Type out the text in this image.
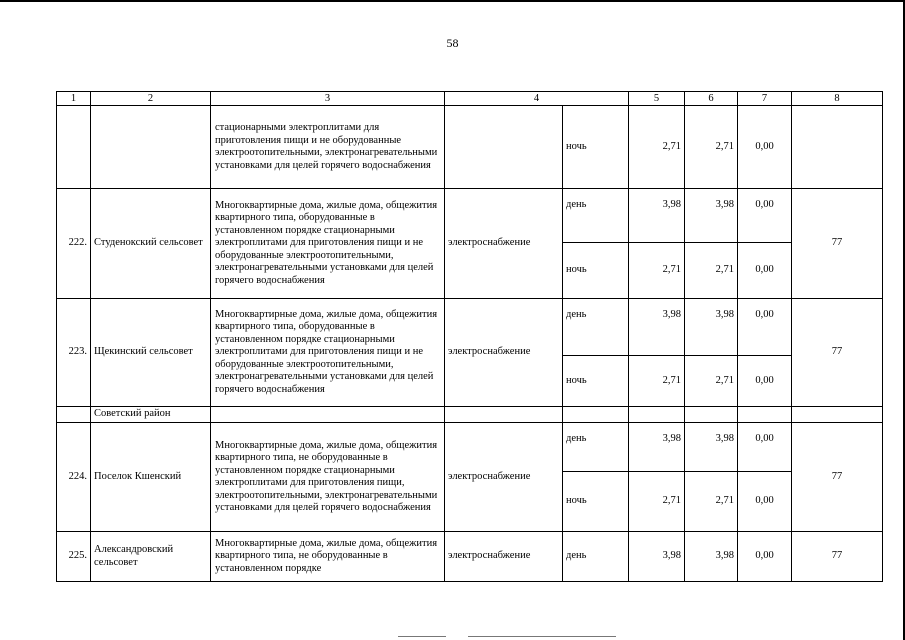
58
1	2	3	4		5	6	7	8
		стационарными электроплитами для приготовления пищи и не оборудованные электроотопительными, электронагревательными установками для целей горячего водоснабжения		ночь	2,71	2,71	0,00	
222.	Студенокский сельсовет	Многоквартирные дома, жилые дома, общежития квартирного типа, оборудованные в установленном порядке стационарными электроплитами для приготовления пищи и не оборудованные электроотопительными, электронагревательными установками для целей горячего водоснабжения	электроснабжение	день	3,98	3,98	0,00	77
				ночь	2,71	2,71	0,00	
223.	Щекинский сельсовет	Многоквартирные дома, жилые дома, общежития квартирного типа, оборудованные в установленном порядке стационарными электроплитами для приготовления пищи и не оборудованные электроотопительными, электронагревательными установками для целей горячего водоснабжения	электроснабжение	день	3,98	3,98	0,00	77
				ночь	2,71	2,71	0,00	
	Советский район							
224.	Поселок Кшенский	Многоквартирные дома, жилые дома, общежития квартирного типа, не оборудованные в установленном порядке стационарными электроплитами для приготовления пищи, электроотопительными, электронагревательными установками для целей горячего водоснабжения	электроснабжение	день	3,98	3,98	0,00	77
				ночь	2,71	2,71	0,00	
225.	Александровский сельсовет	Многоквартирные дома, жилые дома, общежития квартирного типа, не оборудованные в установленном порядке	электроснабжение	день	3,98	3,98	0,00	77
